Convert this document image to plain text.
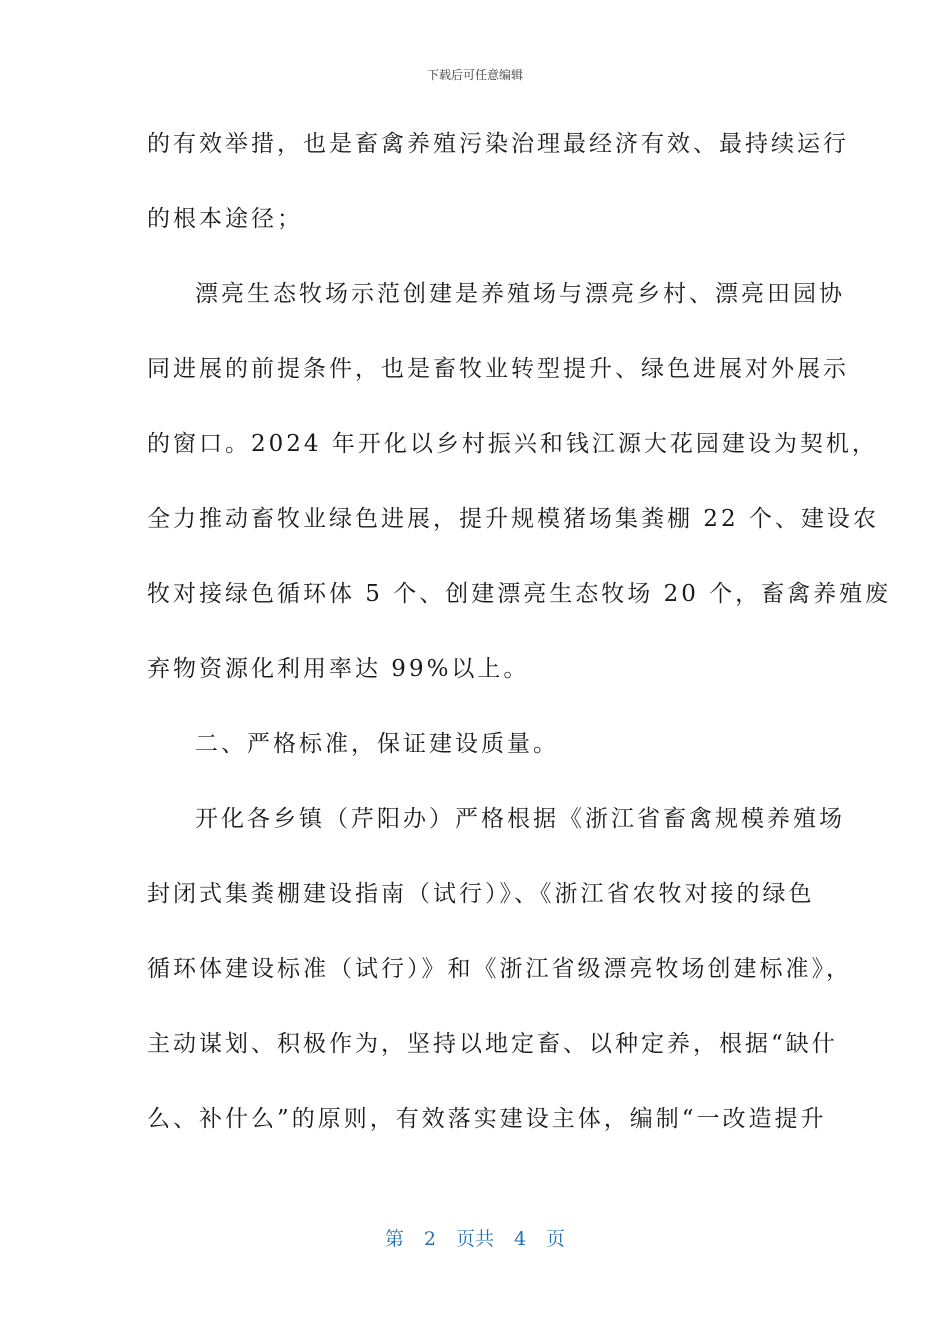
下载后可任意编辑
的有效举措，也是畜禽养殖污染治理最经济有效、最持续运行
的根本途径；
漂亮生态牧场示范创建是养殖场与漂亮乡村、漂亮田园协
同进展的前提条件，也是畜牧业转型提升、绿色进展对外展示
的窗口。2024 年开化以乡村振兴和钱江源大花园建设为契机，
全力推动畜牧业绿色进展，提升规模猪场集粪棚 22 个、建设农
牧对接绿色循环体 5 个、创建漂亮生态牧场 20 个，畜禽养殖废
弃物资源化利用率达 99%以上。
二、严格标准，保证建设质量。
开化各乡镇（芹阳办）严格根据《浙江省畜禽规模养殖场
封闭式集粪棚建设指南（试行）》、《浙江省农牧对接的绿色
循环体建设标准（试行）》和《浙江省级漂亮牧场创建标准》，
主动谋划、积极作为，坚持以地定畜、以种定养，根据“缺什
么、补什么”的原则，有效落实建设主体，编制“一改造提升
第 2 页共 4 页
